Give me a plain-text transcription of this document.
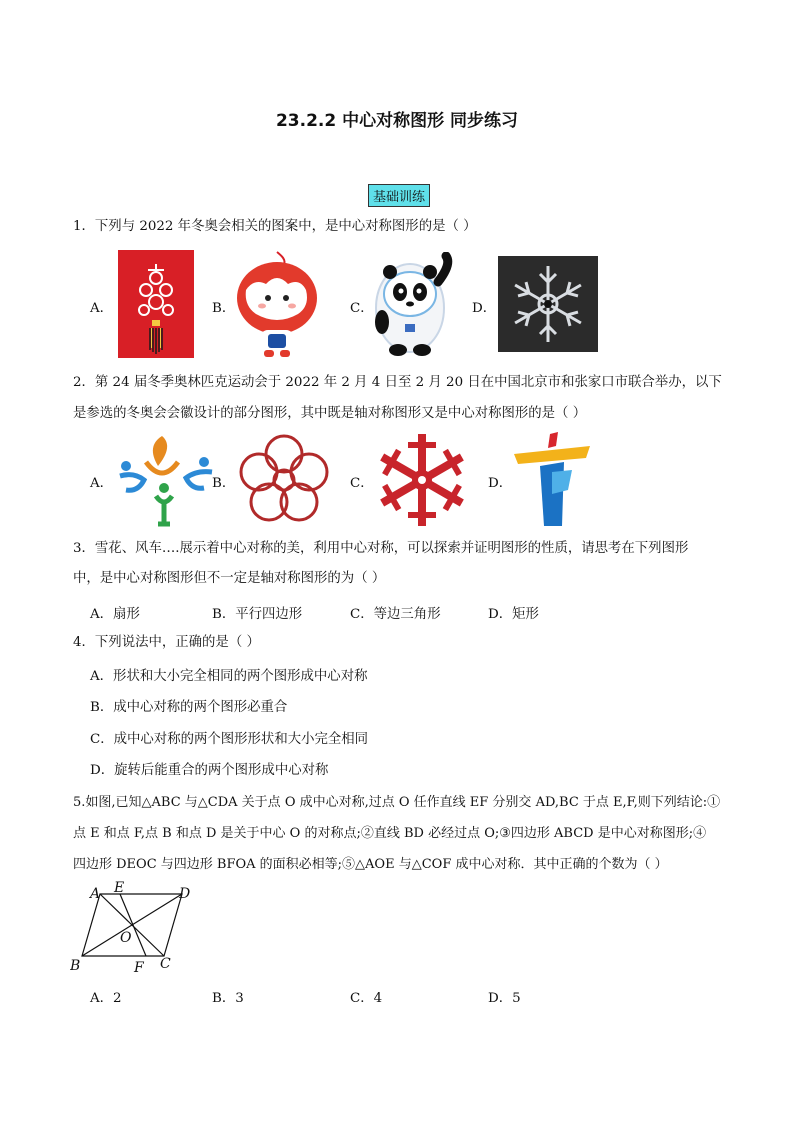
23.2.2 中心对称图形 同步练习
基础训练
1．下列与 2022 年冬奥会相关的图案中，是中心对称图形的是（ ）
A．	B．	C．	D．
2．第 24 届冬季奥林匹克运动会于 2022 年 2 月 4 日至 2 月 20 日在中国北京市和张家口市联合举办，以下
是参选的冬奥会会徽设计的部分图形，其中既是轴对称图形又是中心对称图形的是（ ）
A．	B．	C．	D．
3．雪花、风车….展示着中心对称的美，利用中心对称，可以探索并证明图形的性质，请思考在下列图形
中，是中心对称图形但不一定是轴对称图形的为（ ）
A．扇形	B．平行四边形	C．等边三角形	D．矩形
4．下列说法中，正确的是（ ）
A．形状和大小完全相同的两个图形成中心对称
B．成中心对称的两个图形必重合
C．成中心对称的两个图形形状和大小完全相同
D．旋转后能重合的两个图形成中心对称
5.如图,已知△ABC 与△CDA 关于点 O 成中心对称,过点 O 任作直线 EF 分别交 AD,BC 于点 E,F,则下列结论:①
点 E 和点 F,点 B 和点 D 是关于中心 O 的对称点;②直线 BD 必经过点 O;③四边形 ABCD 是中心对称图形;④
四边形 DEOC 与四边形 BFOA 的面积必相等;⑤△AOE 与△COF 成中心对称．其中正确的个数为（ ）
A E	D
O
B	F C
A．2	B．3	C．4	D．5
